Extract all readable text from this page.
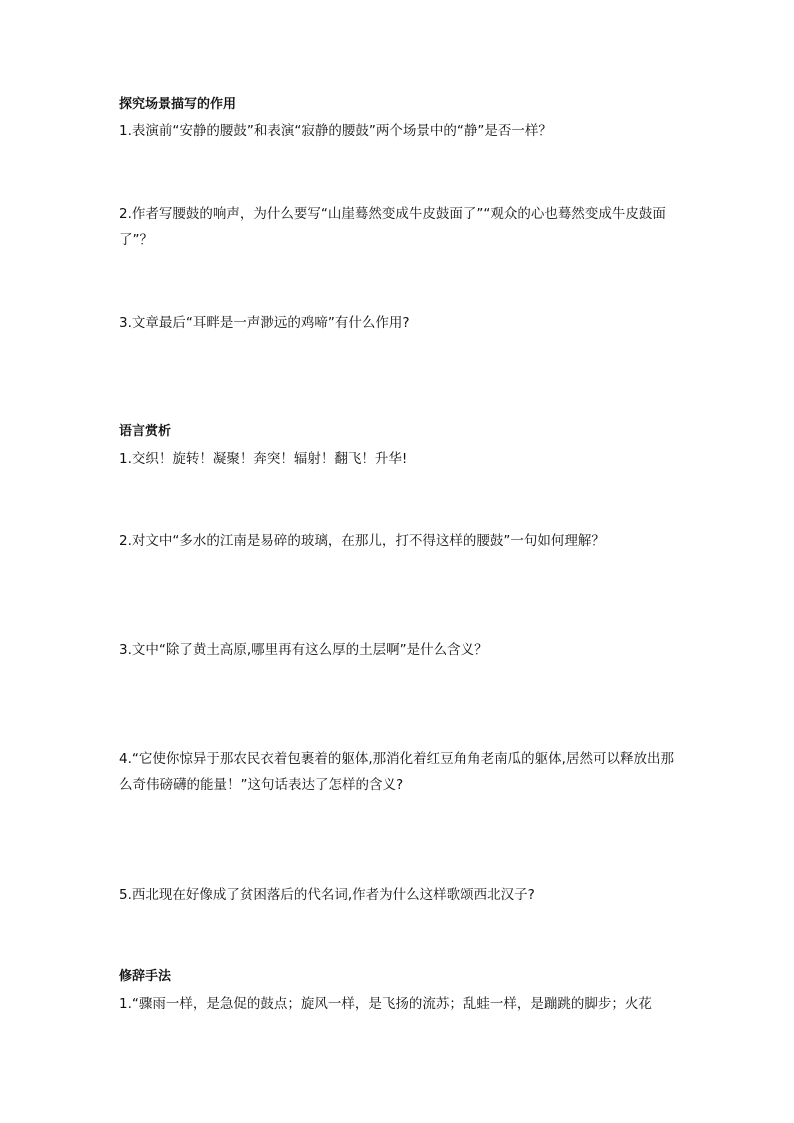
探究场景描写的作用
1.表演前“安静的腰鼓”和表演“寂静的腰鼓”两个场景中的“静”是否一样？
2.作者写腰鼓的响声，为什么要写“山崖蓦然变成牛皮鼓面了”“观众的心也蓦然变成牛皮鼓面了”？
3.文章最后“耳畔是一声渺远的鸡啼”有什么作用?
语言赏析
1.交织！旋转！凝聚！奔突！辐射！翻飞！升华!
2.对文中“多水的江南是易碎的玻璃，在那儿，打不得这样的腰鼓”一句如何理解？
3.文中“除了黄土高原,哪里再有这么厚的土层啊”是什么含义？
4.“它使你惊异于那农民衣着包裹着的躯体,那消化着红豆角角老南瓜的躯体,居然可以释放出那么奇伟磅礴的能量！”这句话表达了怎样的含义?
5.西北现在好像成了贫困落后的代名词,作者为什么这样歌颂西北汉子?
修辞手法
1.“骤雨一样，是急促的鼓点；旋风一样，是飞扬的流苏；乱蛙一样，是蹦跳的脚步；火花
